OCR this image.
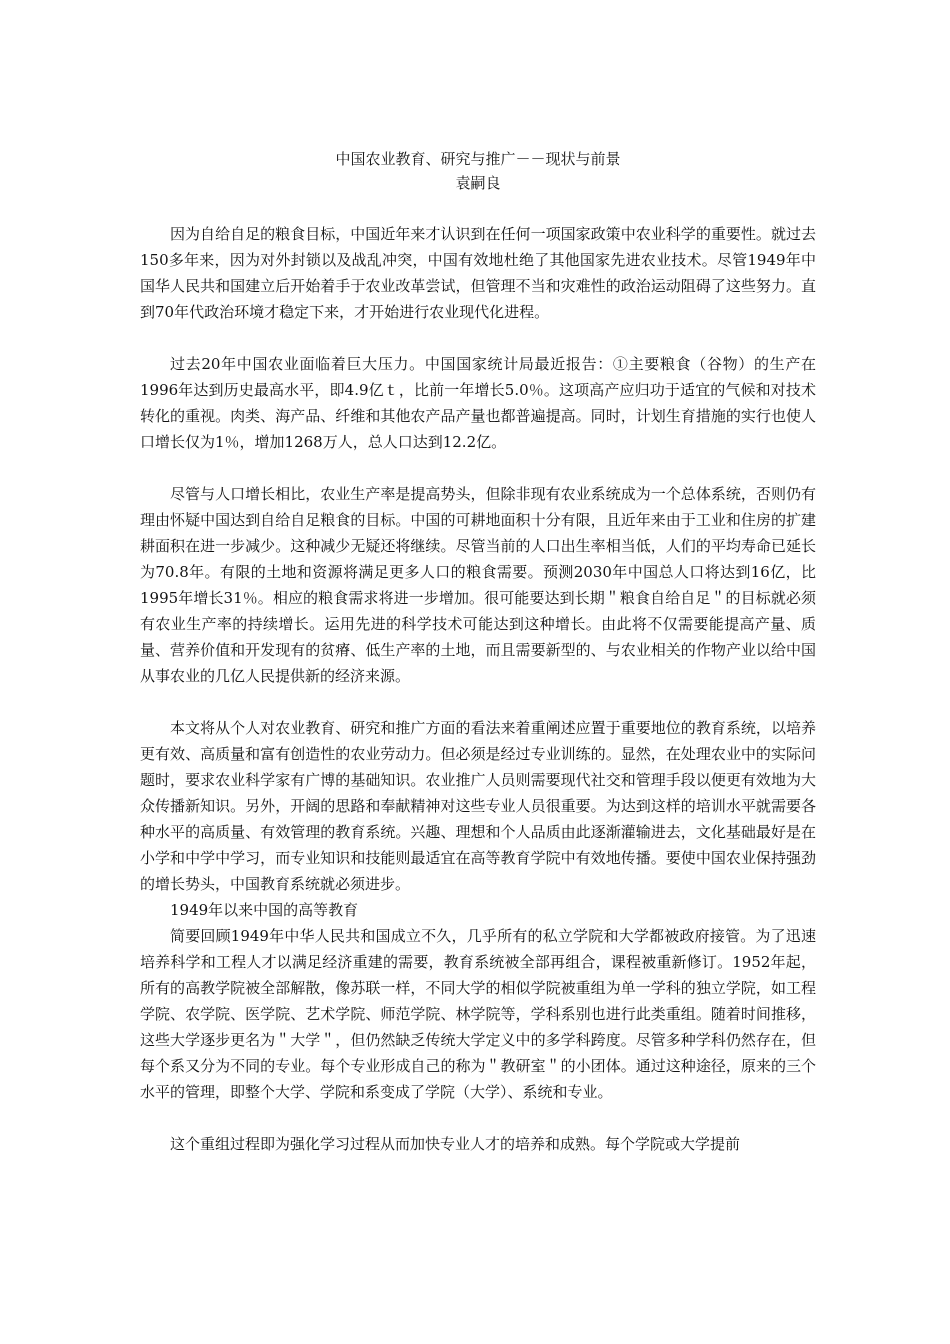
中国农业教育、研究与推广－－现状与前景

袁嗣良

因为自给自足的粮食目标，中国近年来才认识到在任何一项国家政策中农业科学的重要性。就过去150多年来，因为对外封锁以及战乱冲突，中国有效地杜绝了其他国家先进农业技术。尽管1949年中国华人民共和国建立后开始着手于农业改革尝试，但管理不当和灾难性的政治运动阻碍了这些努力。直到70年代政治环境才稳定下来，才开始进行农业现代化进程。

过去20年中国农业面临着巨大压力。中国国家统计局最近报告：①主要粮食（谷物）的生产在1996年达到历史最高水平，即4.9亿ｔ，比前一年增长5.0％。这项高产应归功于适宜的气候和对技术转化的重视。肉类、海产品、纤维和其他农产品产量也都普遍提高。同时，计划生育措施的实行也使人口增长仅为1％，增加1268万人，总人口达到12.2亿。

尽管与人口增长相比，农业生产率是提高势头，但除非现有农业系统成为一个总体系统，否则仍有理由怀疑中国达到自给自足粮食的目标。中国的可耕地面积十分有限，且近年来由于工业和住房的扩建耕面积在进一步减少。这种减少无疑还将继续。尽管当前的人口出生率相当低，人们的平均寿命已延长为70.8年。有限的土地和资源将满足更多人口的粮食需要。预测2030年中国总人口将达到16亿，比1995年增长31％。相应的粮食需求将进一步增加。很可能要达到长期＂粮食自给自足＂的目标就必须有农业生产率的持续增长。运用先进的科学技术可能达到这种增长。由此将不仅需要能提高产量、质量、营养价值和开发现有的贫瘠、低生产率的土地，而且需要新型的、与农业相关的作物产业以给中国从事农业的几亿人民提供新的经济来源。

本文将从个人对农业教育、研究和推广方面的看法来着重阐述应置于重要地位的教育系统，以培养更有效、高质量和富有创造性的农业劳动力。但必须是经过专业训练的。显然，在处理农业中的实际问题时，要求农业科学家有广博的基础知识。农业推广人员则需要现代社交和管理手段以便更有效地为大众传播新知识。另外，开阔的思路和奉献精神对这些专业人员很重要。为达到这样的培训水平就需要各种水平的高质量、有效管理的教育系统。兴趣、理想和个人品质由此逐渐灌输进去，文化基础最好是在小学和中学中学习，而专业知识和技能则最适宜在高等教育学院中有效地传播。要使中国农业保持强劲的增长势头，中国教育系统就必须进步。

1949年以来中国的高等教育

简要回顾1949年中华人民共和国成立不久，几乎所有的私立学院和大学都被政府接管。为了迅速培养科学和工程人才以满足经济重建的需要，教育系统被全部再组合，课程被重新修订。1952年起，所有的高教学院被全部解散，像苏联一样，不同大学的相似学院被重组为单一学科的独立学院，如工程学院、农学院、医学院、艺术学院、师范学院、林学院等，学科系别也进行此类重组。随着时间推移，这些大学逐步更名为＂大学＂，但仍然缺乏传统大学定义中的多学科跨度。尽管多种学科仍然存在，但每个系又分为不同的专业。每个专业形成自己的称为＂教研室＂的小团体。通过这种途径，原来的三个水平的管理，即整个大学、学院和系变成了学院（大学）、系统和专业。

这个重组过程即为强化学习过程从而加快专业人才的培养和成熟。每个学院或大学提前
